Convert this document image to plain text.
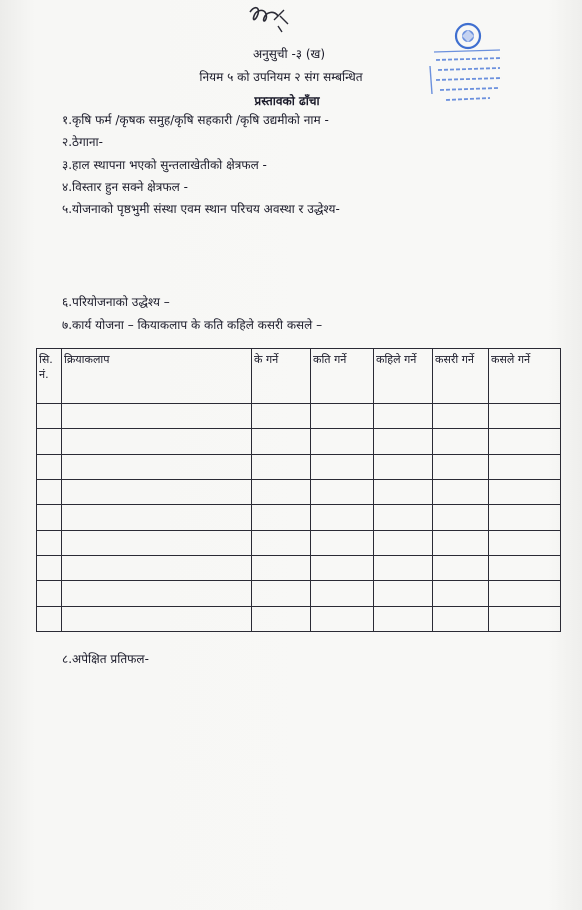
अनुसुची -३ (ख)
नियम ५ को उपनियम २ संग सम्बन्धित
प्रस्तावको ढाँचा
१.कृषि फर्म /कृषक समुह/कृषि सहकारी /कृषि उद्यमीको नाम -
२.ठेगाना-
३.हाल स्थापना भएको सुन्तलाखेतीको क्षेत्रफल -
४.विस्तार हुन सक्ने क्षेत्रफल -
५.योजनाको पृष्ठभुमी संस्था एवम स्थान परिचय अवस्था र उद्धेश्य-
६.परियोजनाको उद्धेश्य –
७.कार्य योजना – कियाकलाप के कति कहिले कसरी कसले –
सि. नं.	क्रियाकलाप	के गर्ने	कति गर्ने	कहिले गर्ने	कसरी गर्ने	कसले गर्ने

८.अपेक्षित प्रतिफल-
